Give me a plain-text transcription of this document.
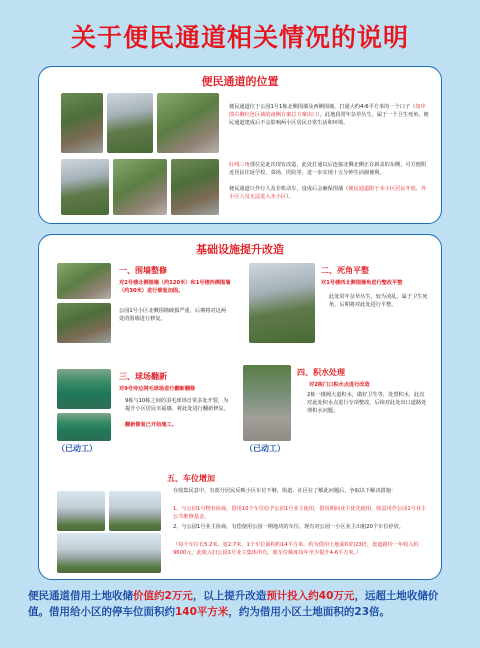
关于便民通道相关情况的说明
便民通道的位置
便民通道位于公园1号1栋北侧围墙及西侧围墙，打通大约4-6平方米的一个口子（如中图右侧红色区域的南侧方案总方案出口）。此地段常年杂草丛生，属于一个卫生死角。便民通道建成后不会影响两小区居民日常生活和环境。
红线三角部位是此次现有改造，此处打通以后连接北侧北侧正在新盖的东侧，可方便附近居民往返学校、菜场、医院等，进一步实现十五分钟生活圈便利。
便民通道只作行人及非机动车，设成后会确保围墙（便民通道限于本小区居民开放，外小区人员无法进入本小区）。
基础设施提升改造
一、围墙整修
对2号楼北侧围墙（约120米）和1号楼西侧围墙（约30米）进行修复加固。
公园1号小区北侧围墙破损严重，后期将对这两处的围墙进行修复。
二、死角平整
对1号楼西北侧围墙角进行整改平整
此处常年杂草丛生，较为凌乱，属于卫生死角，后期将对此处进行平整。
（已动工）
三、球场翻新
对9号旁边网毛球场进行翻新翻修
9栋与10栋之间的羽毛球场日常多处开裂，为提升小区居民幸福感，将此处进行翻新修复。
翻新修复已开始施工。
（已动工）
四、积水处理
对2栋门口积水点进行改造
2栋一楼阀大道积水，做好卫生等，处置积水，此次对此处积水点进行专项整改，后续对此处出口道路处理积水问题。
五、车位增加
在收集民意中，有部分居民反映小区车位不够，街道、社区在了解此问题后，争取以下解决措施：
1、与公园1号物业协商，借用10个车位给予公园1号业主使用，借用期间业主优先使用，收益用作公园1号业主公共维修基金。
2、与公园1号业主协商，有偿使用公园一期地块的车位，现有对公园一小区业主出租20个车位停放。
（每个车位长5.2米，宽2.7米，1个车位面积约14平方米。约为借用土地面积的23倍，按道路价一年收入约9600元，此收入归公园1号业主集体所有。收车位额度每年至少提升4-6平方米。）
便民通道借用土地收储价值约2万元，以上提升改造预计投入约40万元，远超土地收储价值。借用给小区的停车位面积约140平方米，约为借用小区土地面积的23倍。
